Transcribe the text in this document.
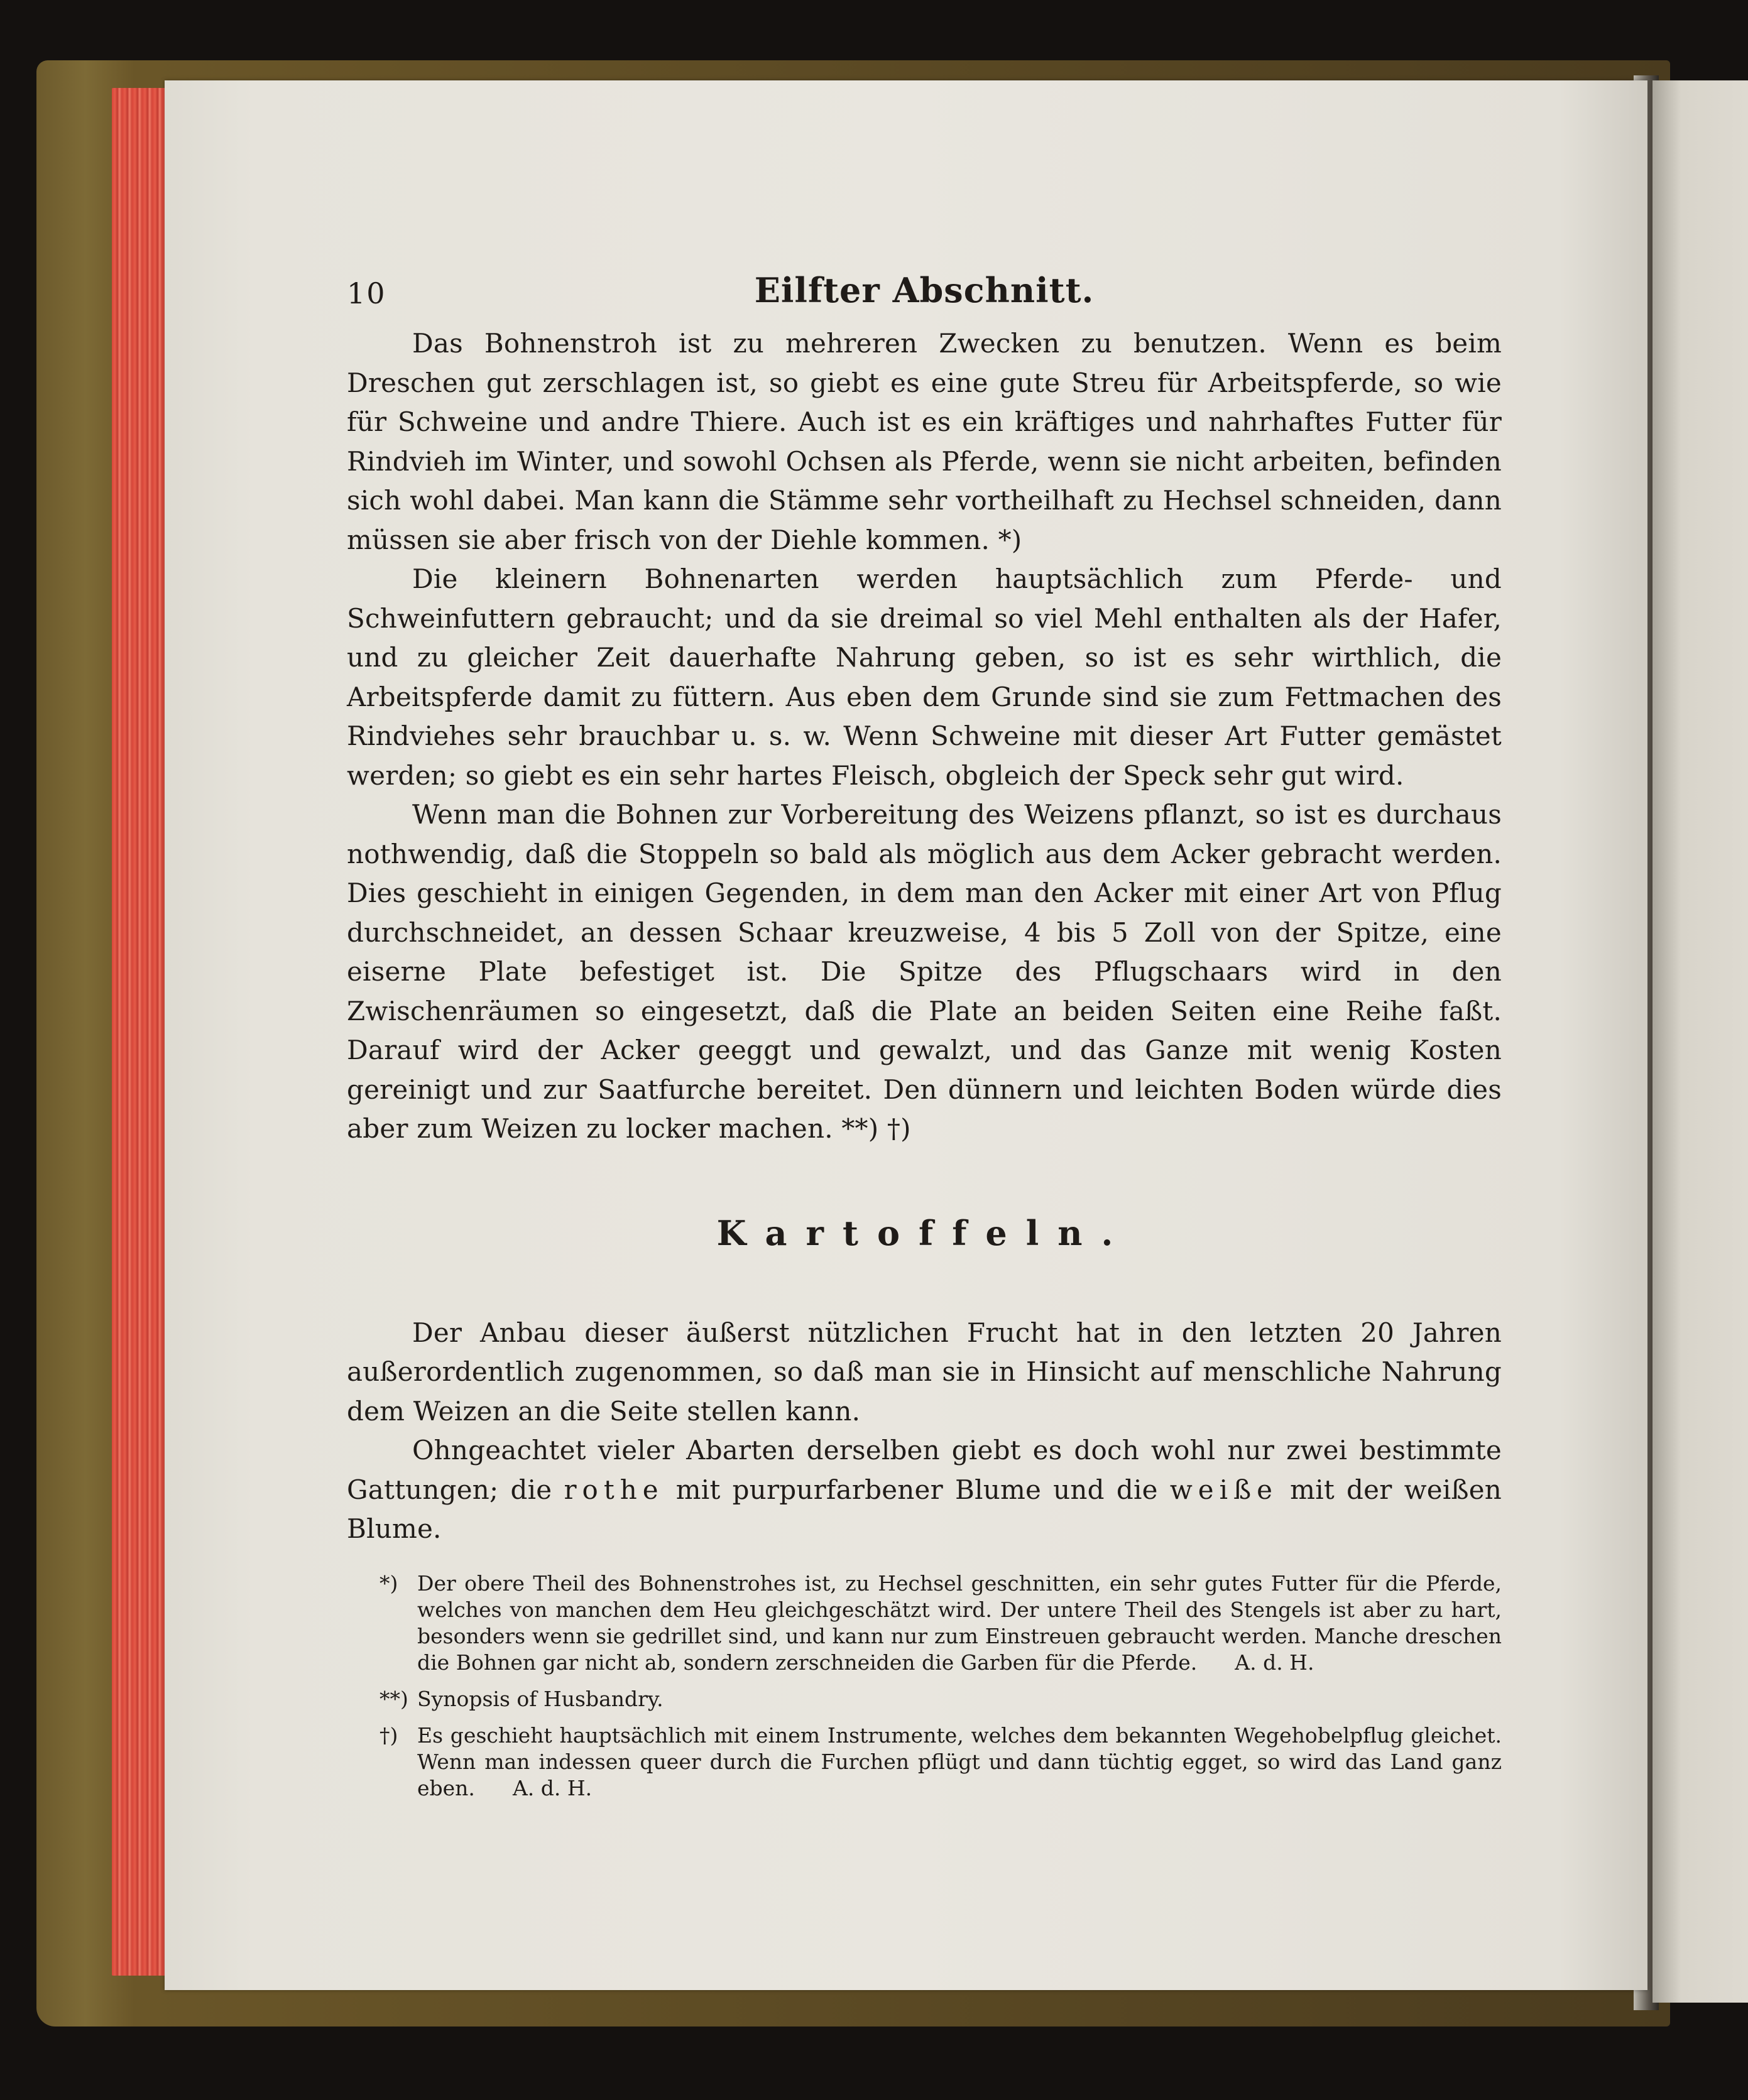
10	Eilfter Abschnitt.

Das Bohnenstroh ist zu mehreren Zwecken zu benutzen. Wenn es beim Dreschen gut zerschlagen ist, so giebt es eine gute Streu für Arbeitspferde, so wie für Schweine und andre Thiere. Auch ist es ein kräftiges und nahrhaftes Futter für Rindvieh im Winter, und sowohl Ochsen als Pferde, wenn sie nicht arbeiten, befinden sich wohl dabei. Man kann die Stämme sehr vortheilhaft zu Hechsel schneiden, dann müssen sie aber frisch von der Diehle kommen. *)

Die kleinern Bohnenarten werden hauptsächlich zum Pferde- und Schweinfuttern gebraucht; und da sie dreimal so viel Mehl enthalten als der Hafer, und zu gleicher Zeit dauerhafte Nahrung geben, so ist es sehr wirthlich, die Arbeitspferde damit zu füttern. Aus eben dem Grunde sind sie zum Fettmachen des Rindviehes sehr brauchbar u. s. w. Wenn Schweine mit dieser Art Futter gemästet werden; so giebt es ein sehr hartes Fleisch, obgleich der Speck sehr gut wird.

Wenn man die Bohnen zur Vorbereitung des Weizens pflanzt, so ist es durchaus nothwendig, daß die Stoppeln so bald als möglich aus dem Acker gebracht werden. Dies geschieht in einigen Gegenden, in dem man den Acker mit einer Art von Pflug durchschneidet, an dessen Schaar kreuzweise, 4 bis 5 Zoll von der Spitze, eine eiserne Plate befestiget ist. Die Spitze des Pflugschaars wird in den Zwischenräumen so eingesetzt, daß die Plate an beiden Seiten eine Reihe faßt. Darauf wird der Acker geeggt und gewalzt, und das Ganze mit wenig Kosten gereinigt und zur Saatfurche bereitet. Den dünnern und leichten Boden würde dies aber zum Weizen zu locker machen. **) †)

Kartoffeln.

Der Anbau dieser äußerst nützlichen Frucht hat in den letzten 20 Jahren außerordentlich zugenommen, so daß man sie in Hinsicht auf menschliche Nahrung dem Weizen an die Seite stellen kann.

Ohngeachtet vieler Abarten derselben giebt es doch wohl nur zwei bestimmte Gattungen; die rothe mit purpurfarbener Blume und die weiße mit der weißen Blume.

*) Der obere Theil des Bohnenstrohes ist, zu Hechsel geschnitten, ein sehr gutes Futter für die Pferde, welches von manchen dem Heu gleichgeschätzt wird. Der untere Theil des Stengels ist aber zu hart, besonders wenn sie gedrillet sind, und kann nur zum Einstreuen gebraucht werden. Manche dreschen die Bohnen gar nicht ab, sondern zerschneiden die Garben für die Pferde. A. d. H.

**) Synopsis of Husbandry.

†) Es geschieht hauptsächlich mit einem Instrumente, welches dem bekannten Wegehobelpflug gleichet. Wenn man indessen queer durch die Furchen pflügt und dann tüchtig egget, so wird das Land ganz eben. A. d. H.
